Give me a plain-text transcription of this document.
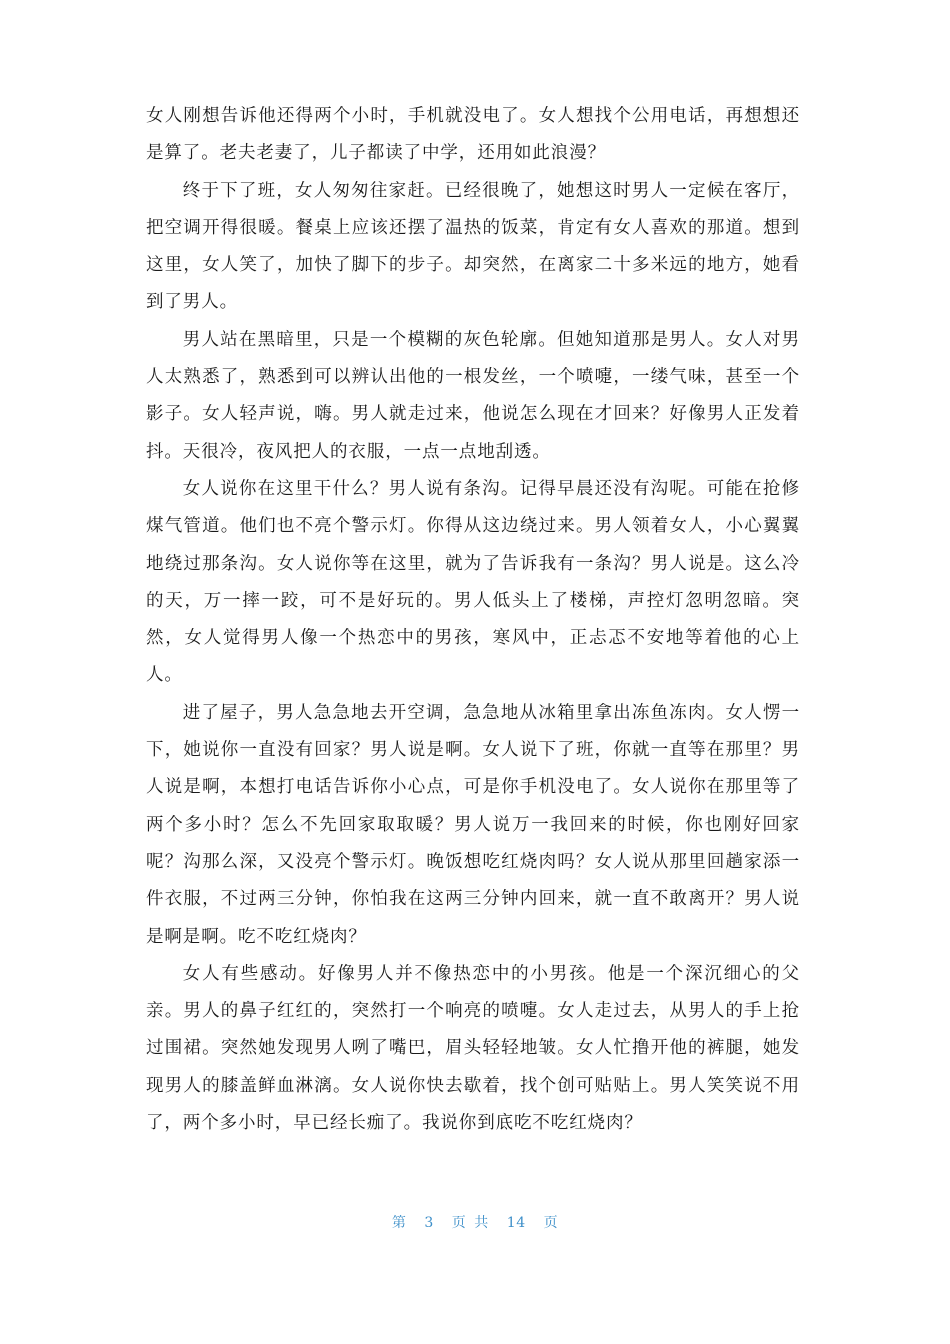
女人刚想告诉他还得两个小时，手机就没电了。女人想找个公用电话，再想想还是算了。老夫老妻了，儿子都读了中学，还用如此浪漫？

终于下了班，女人匆匆往家赶。已经很晚了，她想这时男人一定候在客厅，把空调开得很暖。餐桌上应该还摆了温热的饭菜，肯定有女人喜欢的那道。想到这里，女人笑了，加快了脚下的步子。却突然，在离家二十多米远的地方，她看到了男人。

男人站在黑暗里，只是一个模糊的灰色轮廓。但她知道那是男人。女人对男人太熟悉了，熟悉到可以辨认出他的一根发丝，一个喷嚏，一缕气味，甚至一个影子。女人轻声说，嗨。男人就走过来，他说怎么现在才回来？好像男人正发着抖。天很冷，夜风把人的衣服，一点一点地刮透。

女人说你在这里干什么？男人说有条沟。记得早晨还没有沟呢。可能在抢修煤气管道。他们也不亮个警示灯。你得从这边绕过来。男人领着女人，小心翼翼地绕过那条沟。女人说你等在这里，就为了告诉我有一条沟？男人说是。这么冷的天，万一摔一跤，可不是好玩的。男人低头上了楼梯，声控灯忽明忽暗。突然，女人觉得男人像一个热恋中的男孩，寒风中，正忐忑不安地等着他的心上人。

进了屋子，男人急急地去开空调，急急地从冰箱里拿出冻鱼冻肉。女人愣一下，她说你一直没有回家？男人说是啊。女人说下了班，你就一直等在那里？男人说是啊，本想打电话告诉你小心点，可是你手机没电了。女人说你在那里等了两个多小时？怎么不先回家取取暖？男人说万一我回来的时候，你也刚好回家呢？沟那么深，又没亮个警示灯。晚饭想吃红烧肉吗？女人说从那里回趟家添一件衣服，不过两三分钟，你怕我在这两三分钟内回来，就一直不敢离开？男人说是啊是啊。吃不吃红烧肉？

女人有些感动。好像男人并不像热恋中的小男孩。他是一个深沉细心的父亲。男人的鼻子红红的，突然打一个响亮的喷嚏。女人走过去，从男人的手上抢过围裙。突然她发现男人咧了嘴巴，眉头轻轻地皱。女人忙撸开他的裤腿，她发现男人的膝盖鲜血淋漓。女人说你快去歇着，找个创可贴贴上。男人笑笑说不用了，两个多小时，早已经长痂了。我说你到底吃不吃红烧肉？

第 3 页 共 14 页
